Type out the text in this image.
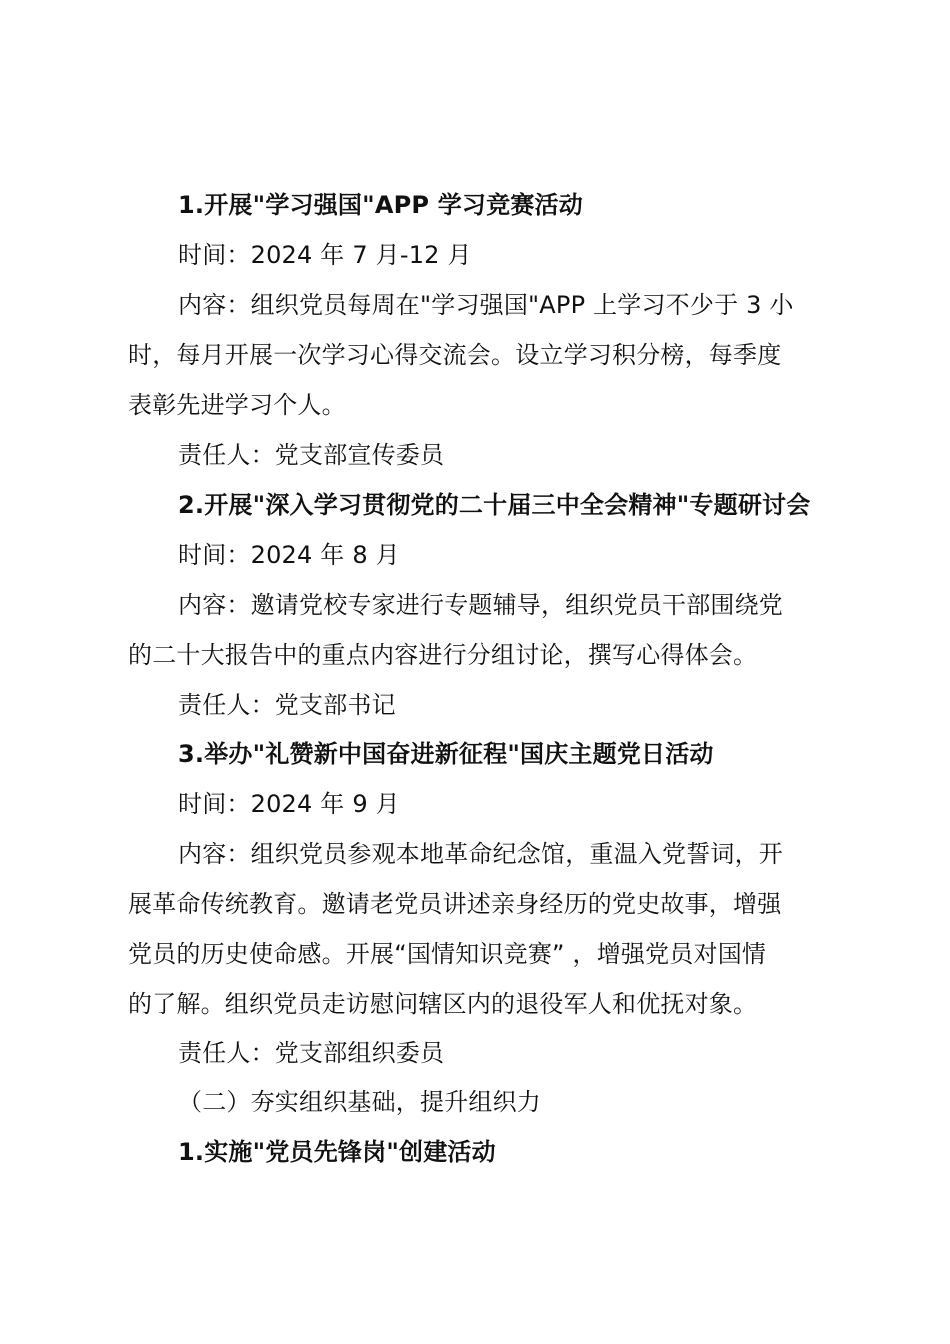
1.开展"学习强国"APP 学习竞赛活动
时间：2024 年 7 月-12 月
内容：组织党员每周在"学习强国"APP 上学习不少于 3 小
时，每月开展一次学习心得交流会。设立学习积分榜，每季度
表彰先进学习个人。
责任人：党支部宣传委员
2.开展"深入学习贯彻党的二十届三中全会精神"专题研讨会
时间：2024 年 8 月
内容：邀请党校专家进行专题辅导，组织党员干部围绕党
的二十大报告中的重点内容进行分组讨论，撰写心得体会。
责任人：党支部书记
3.举办"礼赞新中国奋进新征程"国庆主题党日活动
时间：2024 年 9 月
内容：组织党员参观本地革命纪念馆，重温入党誓词，开
展革命传统教育。邀请老党员讲述亲身经历的党史故事，增强
党员的历史使命感。开展“国情知识竞赛” ，增强党员对国情
的了解。组织党员走访慰问辖区内的退役军人和优抚对象。
责任人：党支部组织委员
（二）夯实组织基础，提升组织力
1.实施"党员先锋岗"创建活动
